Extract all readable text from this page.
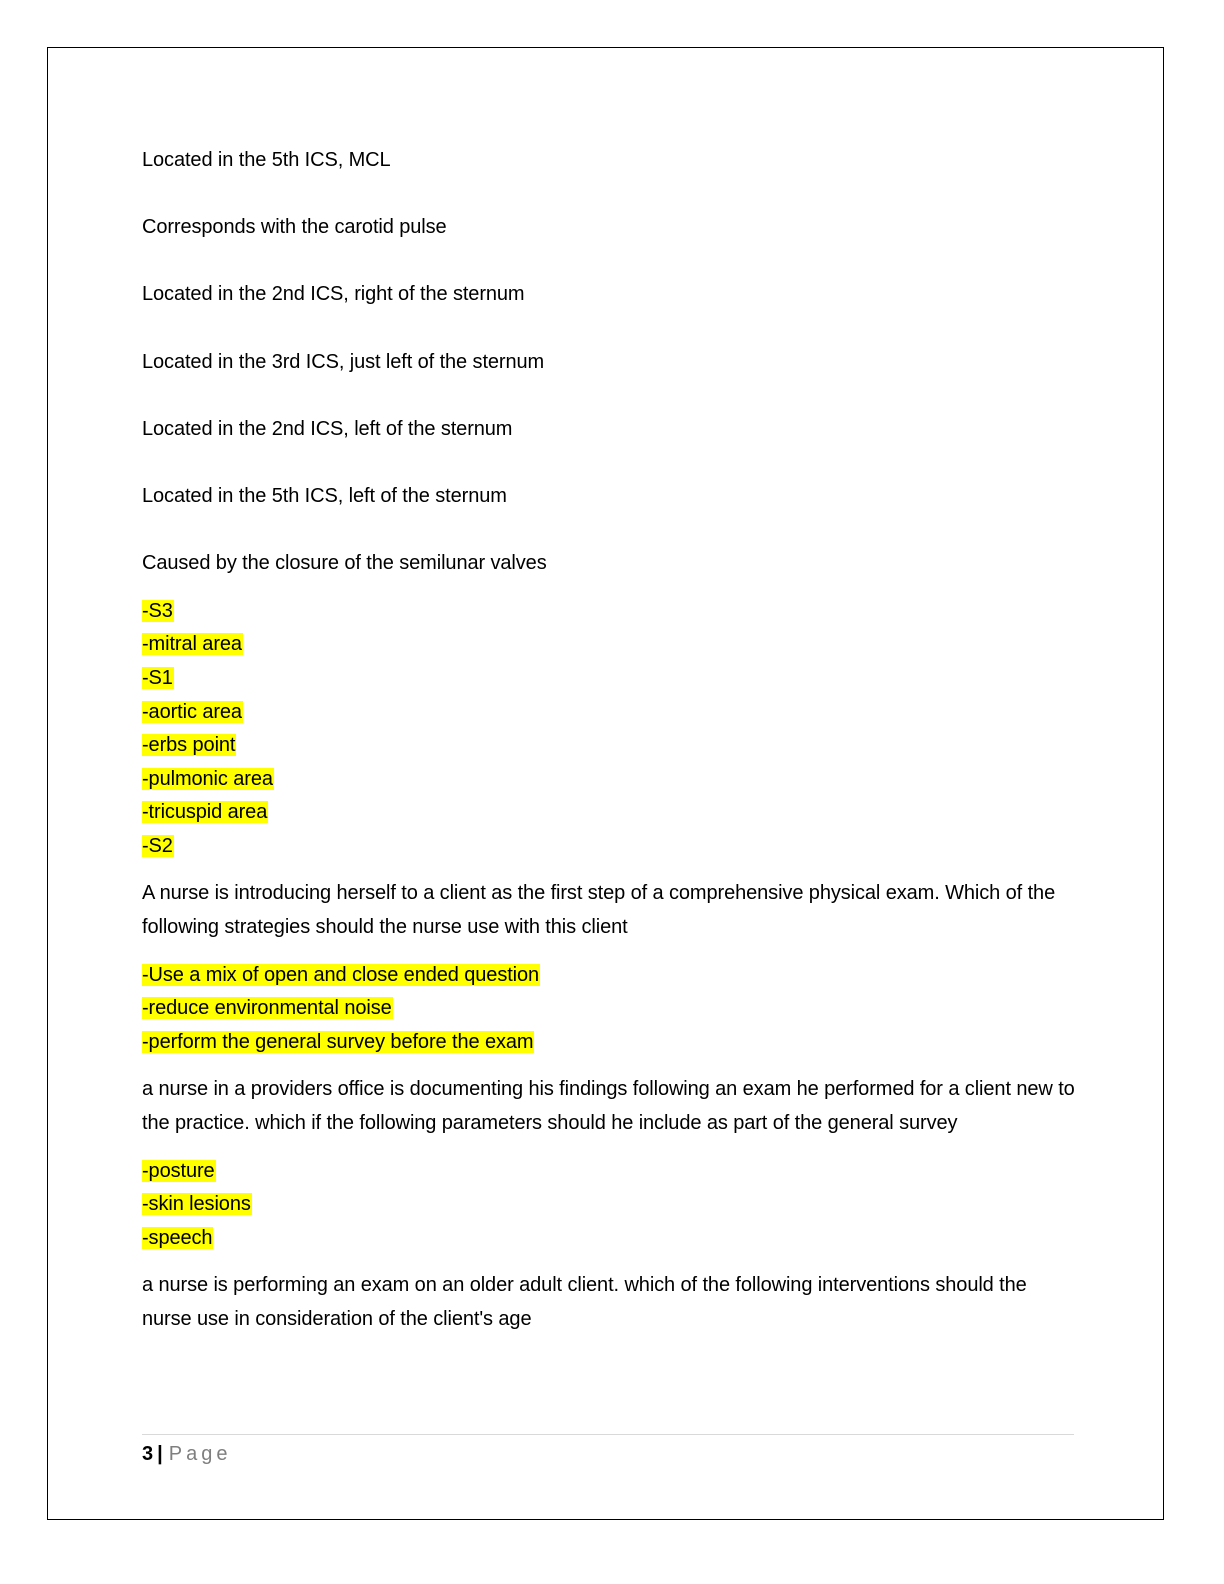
Located in the 5th ICS, MCL

Corresponds with the carotid pulse

Located in the 2nd ICS, right of the sternum

Located in the 3rd ICS, just left of the sternum

Located in the 2nd ICS, left of the sternum

Located in the 5th ICS, left of the sternum

Caused by the closure of the semilunar valves

-S3
-mitral area
-S1
-aortic area
-erbs point
-pulmonic area
-tricuspid area
-S2

A nurse is introducing herself to a client as the first step of a comprehensive physical exam. Which of the following strategies should the nurse use with this client

-Use a mix of open and close ended question
-reduce environmental noise
-perform the general survey before the exam

a nurse in a providers office is documenting his findings following an exam he performed for a client new to the practice. which if the following parameters should he include as part of the general survey

-posture
-skin lesions
-speech

a nurse is performing an exam on an older adult client. which of the following interventions should the nurse use in consideration of the client's age

3 | Page
